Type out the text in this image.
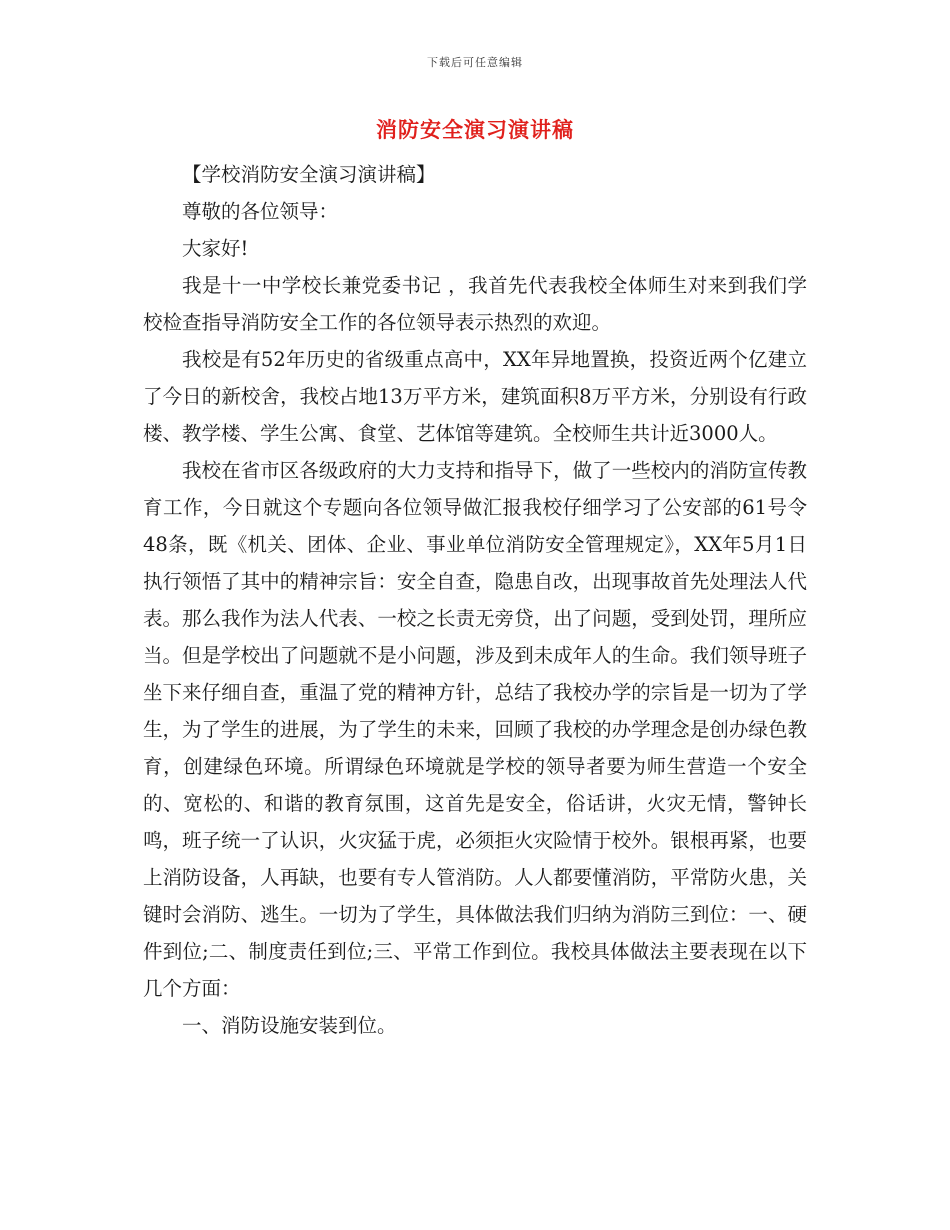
下载后可任意编辑
消防安全演习演讲稿

【学校消防安全演习演讲稿】

尊敬的各位领导：

大家好!

我是十一中学校长兼党委书记 ，我首先代表我校全体师生对来到我们学校检查指导消防安全工作的各位领导表示热烈的欢迎。

我校是有52年历史的省级重点高中，XX年异地置换，投资近两个亿建立了今日的新校舍，我校占地13万平方米，建筑面积8万平方米，分别设有行政楼、教学楼、学生公寓、食堂、艺体馆等建筑。全校师生共计近3000人。

我校在省市区各级政府的大力支持和指导下，做了一些校内的消防宣传教育工作，今日就这个专题向各位领导做汇报我校仔细学习了公安部的61号令48条，既《机关、团体、企业、事业单位消防安全管理规定》，XX年5月1日执行领悟了其中的精神宗旨：安全自查，隐患自改，出现事故首先处理法人代表。那么我作为法人代表、一校之长责无旁贷，出了问题，受到处罚，理所应当。但是学校出了问题就不是小问题，涉及到未成年人的生命。我们领导班子坐下来仔细自查，重温了党的精神方针，总结了我校办学的宗旨是一切为了学生，为了学生的进展，为了学生的未来，回顾了我校的办学理念是创办绿色教育，创建绿色环境。所谓绿色环境就是学校的领导者要为师生营造一个安全的、宽松的、和谐的教育氛围，这首先是安全，俗话讲，火灾无情，警钟长鸣，班子统一了认识，火灾猛于虎，必须拒火灾险情于校外。银根再紧，也要上消防设备，人再缺，也要有专人管消防。人人都要懂消防，平常防火患，关键时会消防、逃生。一切为了学生，具体做法我们归纳为消防三到位：一、硬件到位;二、制度责任到位;三、平常工作到位。我校具体做法主要表现在以下几个方面：

一、消防设施安装到位。
